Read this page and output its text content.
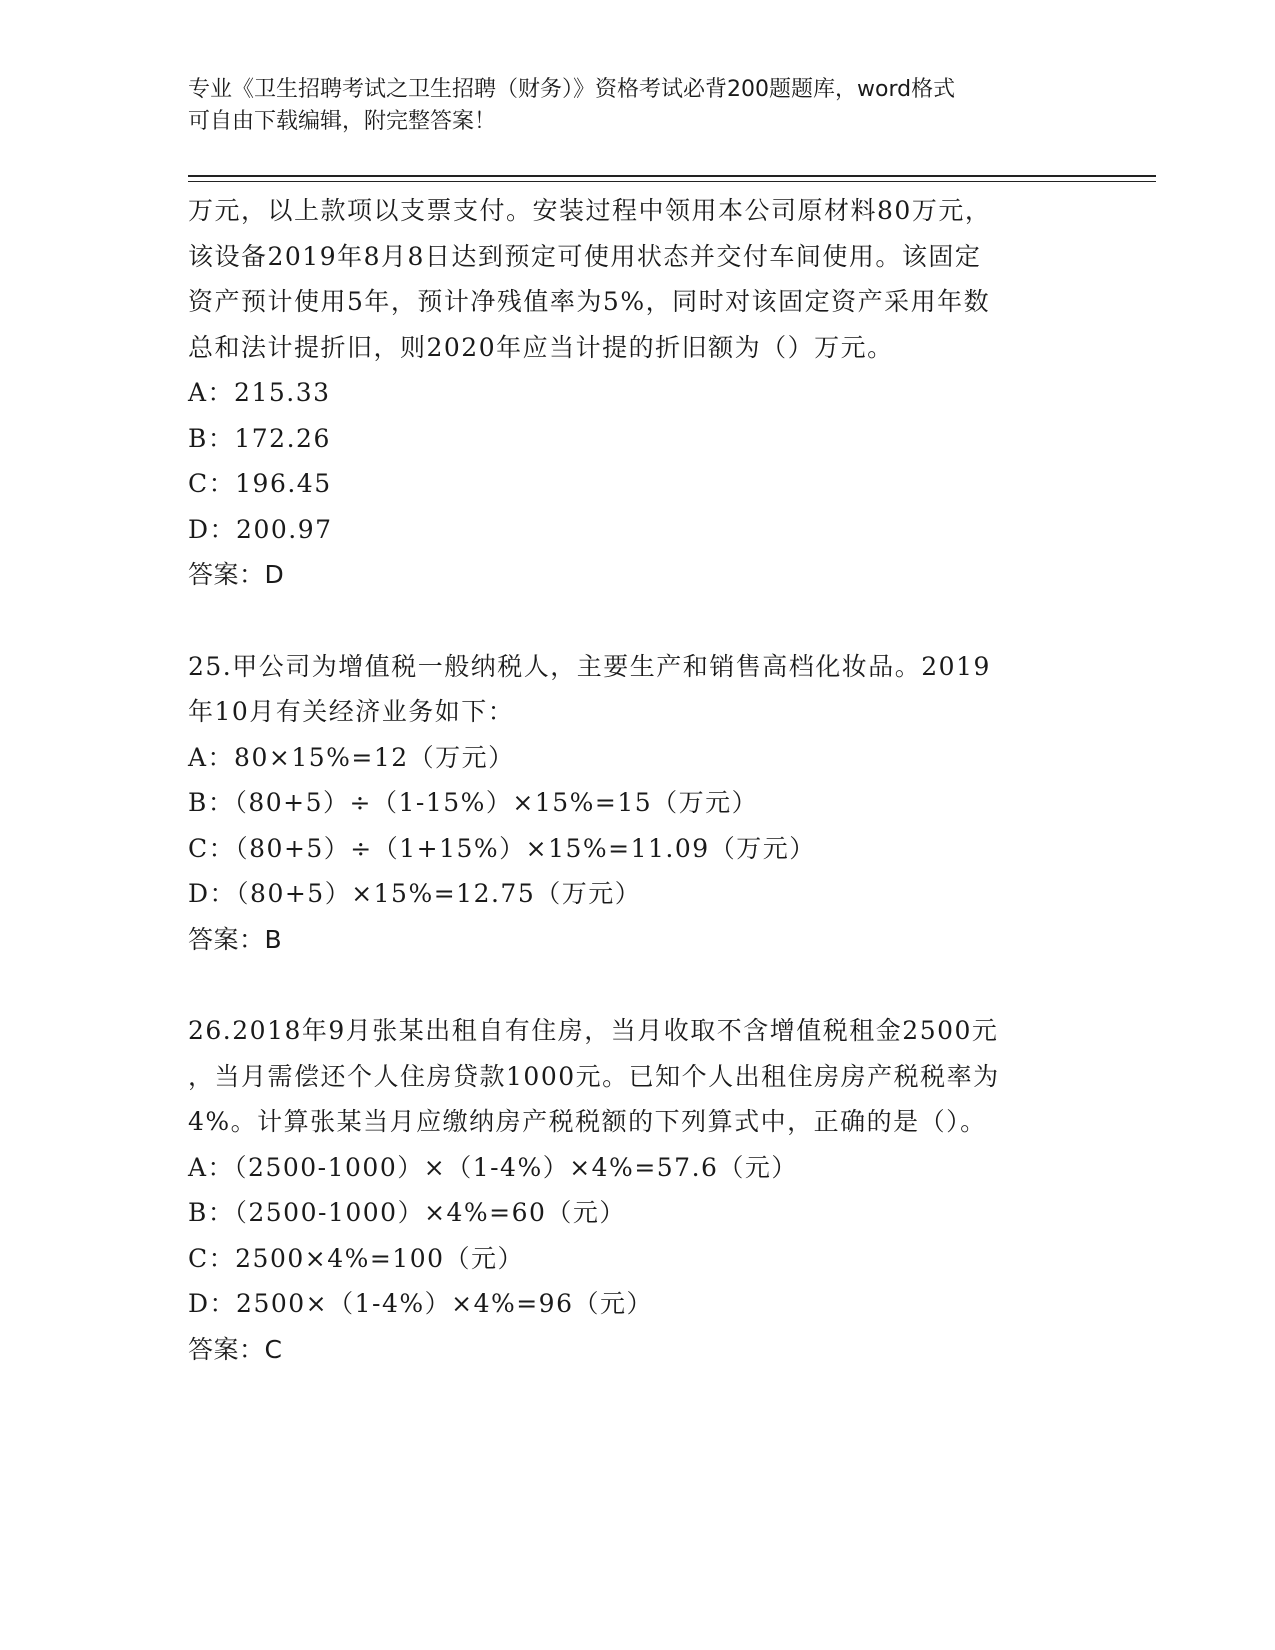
专业《卫生招聘考试之卫生招聘（财务）》资格考试必背200题题库，word格式
可自由下载编辑，附完整答案！
万元，以上款项以支票支付。安装过程中领用本公司原材料80万元，
该设备2019年8月8日达到预定可使用状态并交付车间使用。该固定
资产预计使用5年，预计净残值率为5%，同时对该固定资产采用年数
总和法计提折旧，则2020年应当计提的折旧额为（）万元。
A：215.33
B：172.26
C：196.45
D：200.97
答案：D
25.甲公司为增值税一般纳税人，主要生产和销售高档化妆品。2019
年10月有关经济业务如下：
A：80×15%=12（万元）
B：（80+5）÷（1-15%）×15%=15（万元）
C：（80+5）÷（1+15%）×15%=11.09（万元）
D：（80+5）×15%=12.75（万元）
答案：B
26.2018年9月张某出租自有住房，当月收取不含增值税租金2500元
，当月需偿还个人住房贷款1000元。已知个人出租住房房产税税率为
4%。计算张某当月应缴纳房产税税额的下列算式中，正确的是（）。
A：（2500-1000）×（1-4%）×4%=57.6（元）
B：（2500-1000）×4%=60（元）
C：2500×4%=100（元）
D：2500×（1-4%）×4%=96（元）
答案：C
